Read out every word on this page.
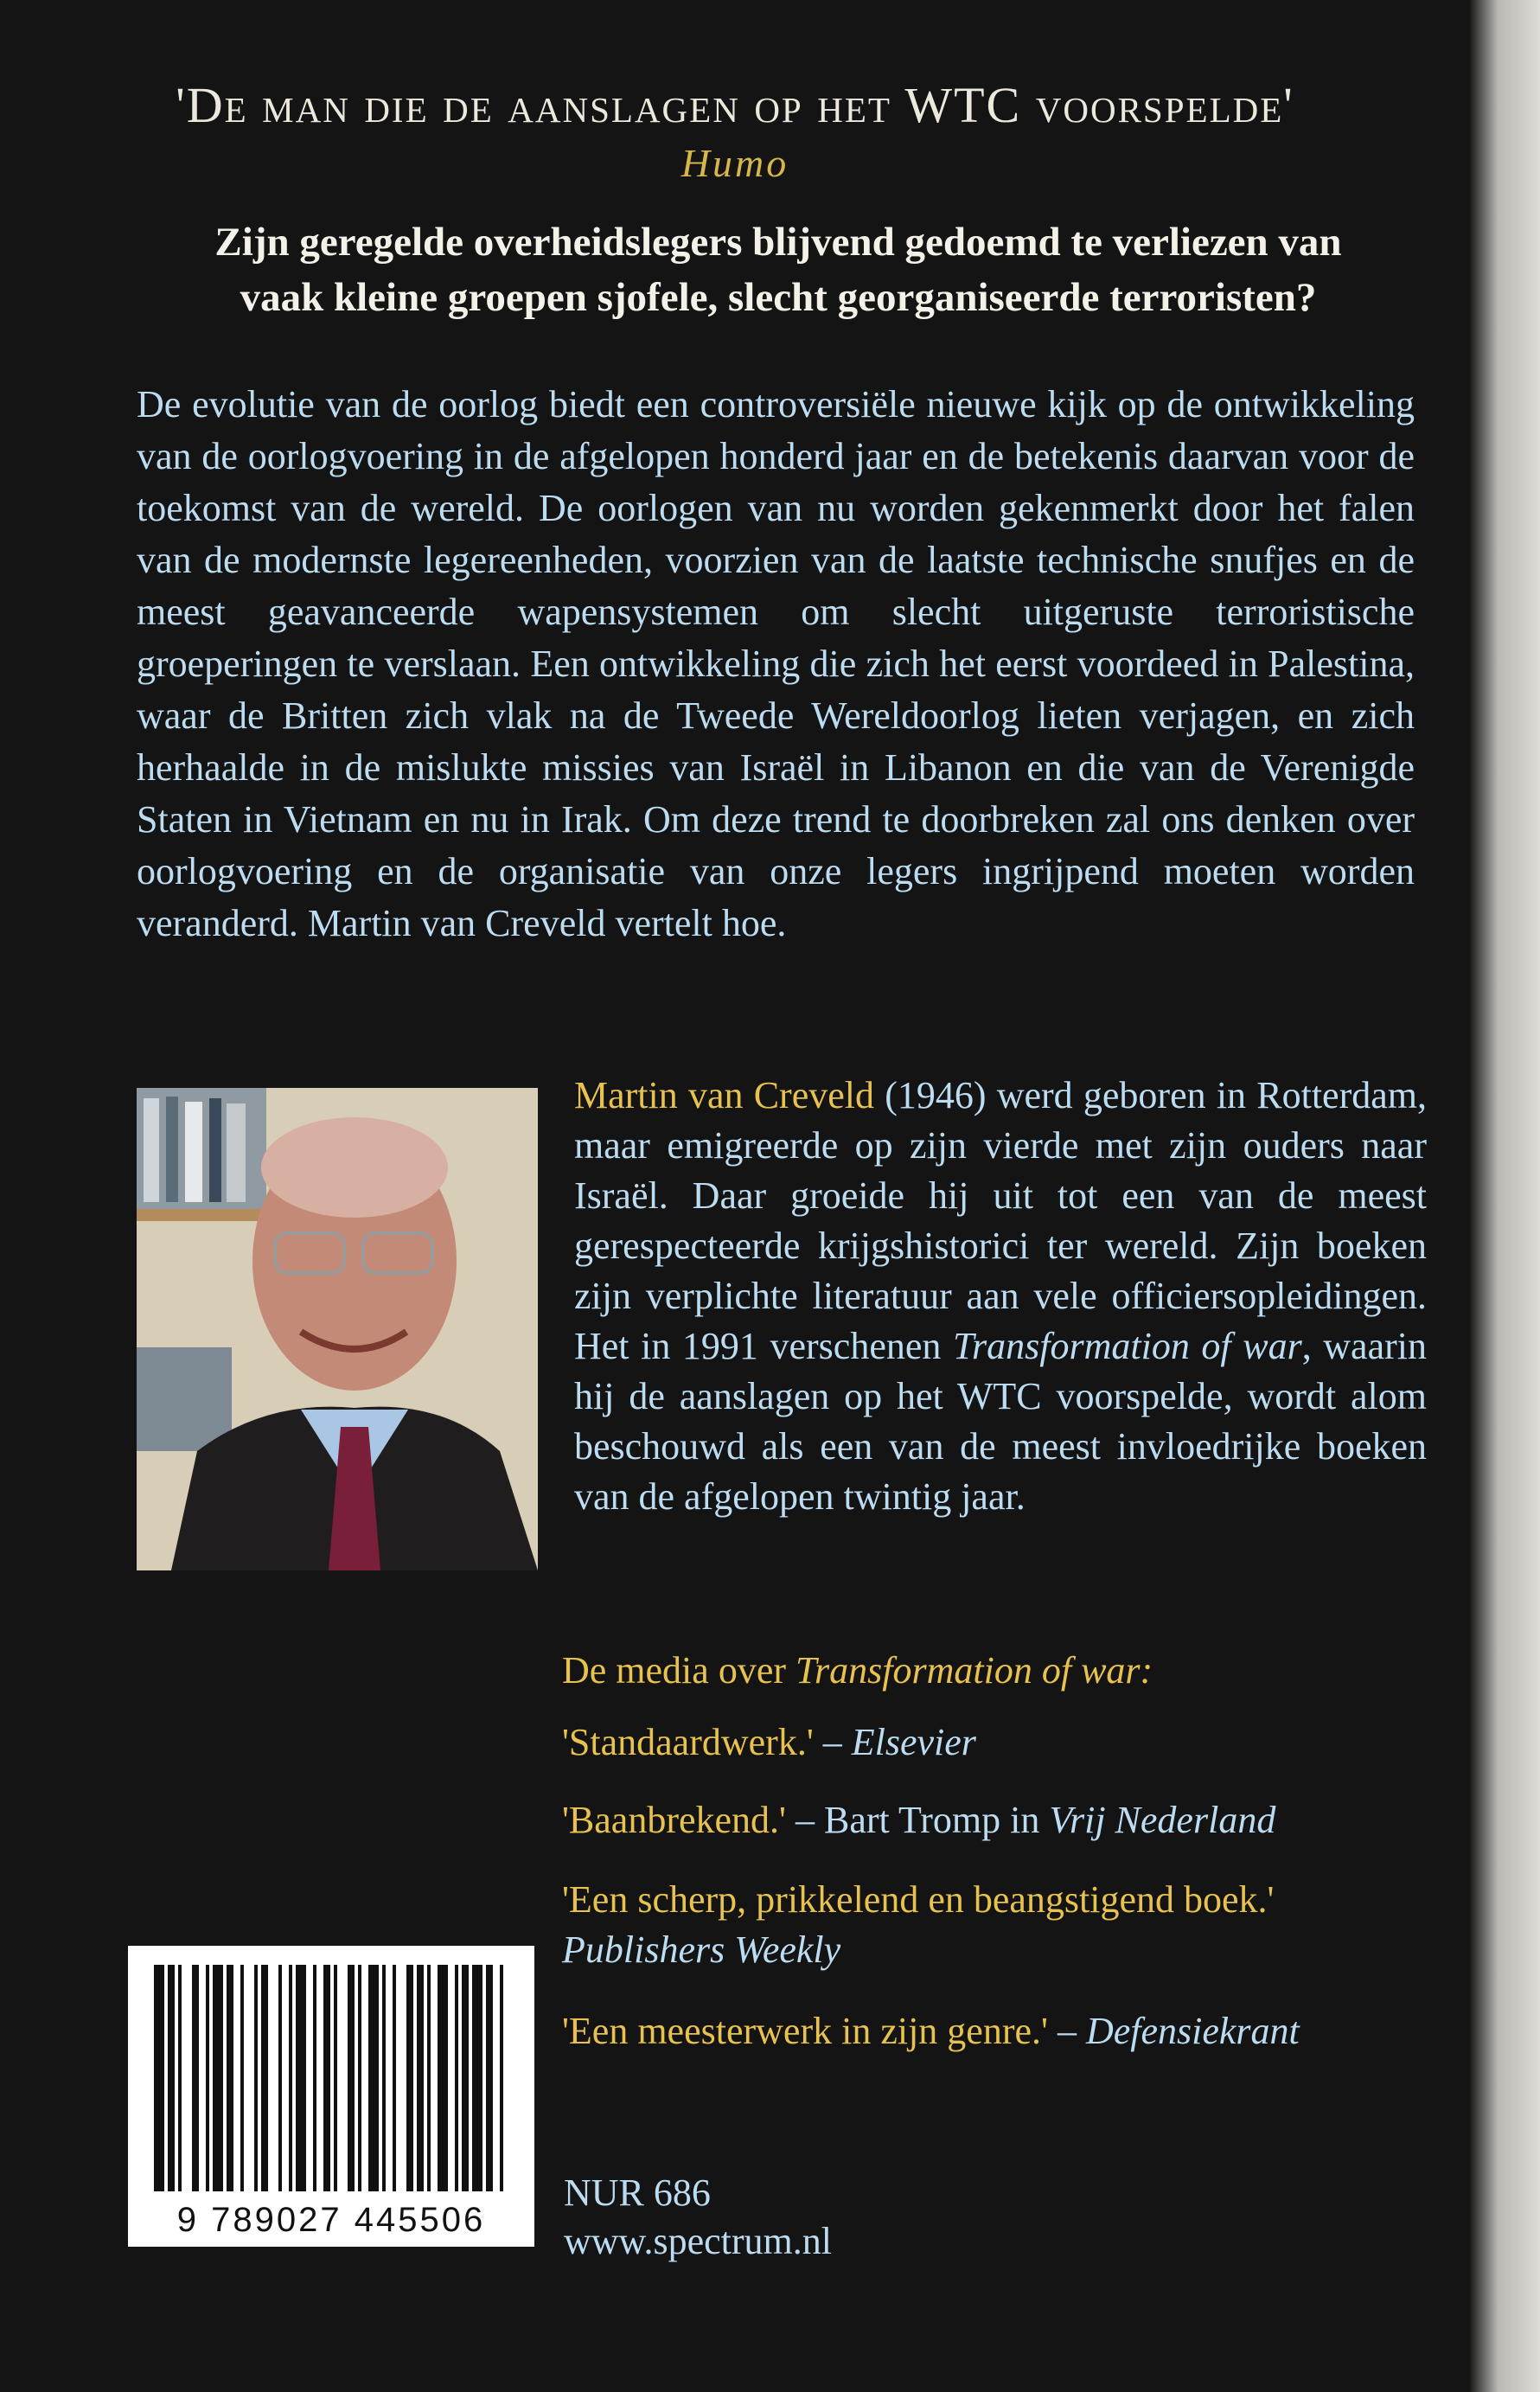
'De man die de aanslagen op het WTC voorspelde'
Humo
Zijn geregelde overheidslegers blijvend gedoemd te verliezen van
vaak kleine groepen sjofele, slecht georganiseerde terroristen?
De evolutie van de oorlog biedt een controversiële nieuwe kijk op de ontwikkeling van de oorlogvoering in de afgelopen honderd jaar en de betekenis daarvan voor de toekomst van de wereld. De oorlogen van nu worden gekenmerkt door het falen van de modernste legereenheden, voorzien van de laatste technische snufjes en de meest geavanceerde wapensystemen om slecht uitgeruste terroristische groeperingen te verslaan. Een ontwikkeling die zich het eerst voordeed in Palestina, waar de Britten zich vlak na de Tweede Wereldoorlog lieten verjagen, en zich herhaalde in de mislukte missies van Israël in Libanon en die van de Verenigde Staten in Vietnam en nu in Irak. Om deze trend te doorbreken zal ons denken over oorlogvoering en de organisatie van onze legers ingrijpend moeten worden veranderd. Martin van Creveld vertelt hoe.
Martin van Creveld (1946) werd geboren in Rotterdam, maar emigreerde op zijn vierde met zijn ouders naar Israël. Daar groeide hij uit tot een van de meest gerespecteerde krijgshistorici ter wereld. Zijn boeken zijn verplichte literatuur aan vele officiersopleidingen. Het in 1991 verschenen Transformation of war, waarin hij de aanslagen op het WTC voorspelde, wordt alom beschouwd als een van de meest invloedrijke boeken van de afgelopen twintig jaar.
De media over Transformation of war:
'Standaardwerk.' – Elsevier
'Baanbrekend.' – Bart Tromp in Vrij Nederland
'Een scherp, prikkelend en beangstigend boek.'
Publishers Weekly
'Een meesterwerk in zijn genre.' – Defensiekrant
9 789027 445506
NUR 686
www.spectrum.nl
